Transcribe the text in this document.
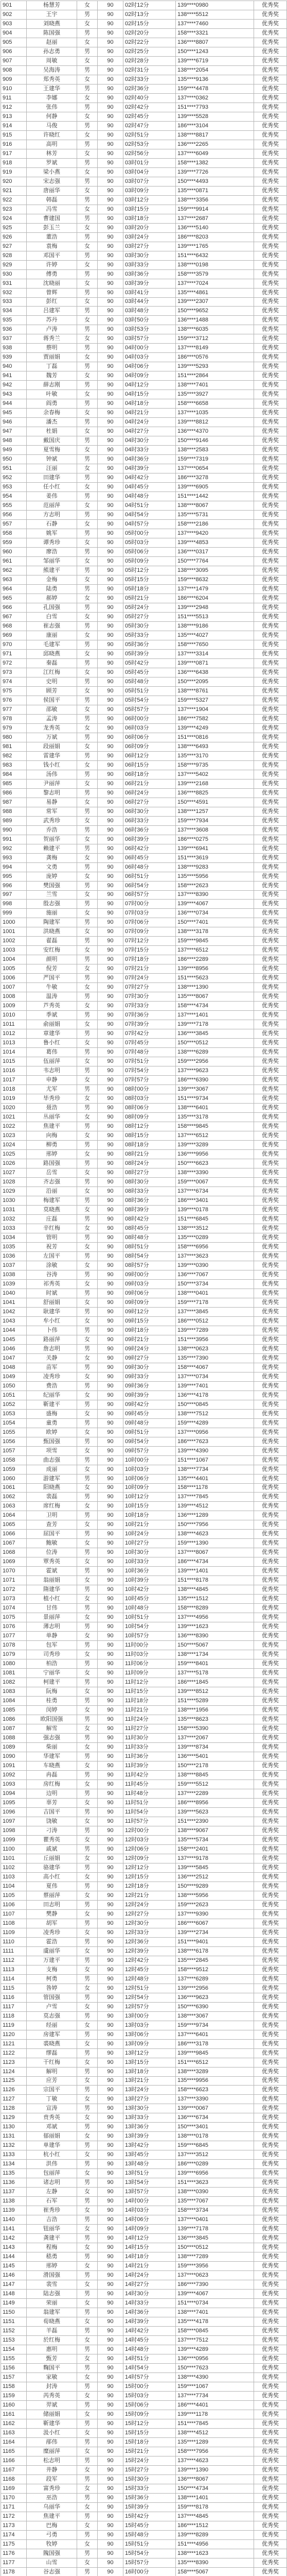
901	杨慧芳	女	90	02时12分	139****0980	优秀奖
902	王宇	男	90	02时13分	138****5512	优秀奖
903	刘晓燕	女	90	02时15分	137****7460	优秀奖
904	陈国强	男	90	02时20分	158****3321	优秀奖
905	赵丽	女	90	02时22分	136****8807	优秀奖
906	孙志勇	男	90	02时25分	150****1243	优秀奖
907	周敏	女	90	02时28分	139****6719	优秀奖
908	吴海涛	男	90	02时31分	138****2054	优秀奖
909	郑秀英	女	90	02时33分	135****9136	优秀奖
910	王建华	男	90	02时36分	159****4478	优秀奖
911	李娜	女	90	02时40分	137****0362	优秀奖
912	张伟	男	90	02时42分	151****7793	优秀奖
913	何静	女	90	02时45分	139****5528	优秀奖
914	马俊	男	90	02时47分	186****3104	优秀奖
915	许晓红	女	90	02时51分	138****8817	优秀奖
916	高明	男	90	02时53分	136****2265	优秀奖
917	林芳	女	90	02时56分	137****6049	优秀奖
918	罗斌	男	90	03时01分	158****1382	优秀奖
919	梁小燕	女	90	03时04分	139****7726	优秀奖
920	宋志强	男	90	03时07分	150****4493	优秀奖
921	唐丽华	女	90	03时09分	135****0871	优秀奖
922	韩磊	男	90	03时12分	138****3356	优秀奖
923	冯雪	女	90	03时15分	159****9914	优秀奖
924	曹建国	男	90	03时18分	137****2687	优秀奖
925	彭玉兰	女	90	03时20分	136****5140	优秀奖
926	董浩	男	90	03时24分	186****8203	优秀奖
927	袁梅	女	90	03时27分	139****1765	优秀奖
928	邓国平	男	90	03时30分	151****6432	优秀奖
929	许婷	女	90	03时33分	138****0198	优秀奖
930	傅勇	男	90	03时36分	158****3579	优秀奖
931	沈晓丽	女	90	03时39分	137****7024	优秀奖
932	曾辉	男	90	03时41分	135****4861	优秀奖
933	彭红	女	90	03时44分	139****2307	优秀奖
934	吕建军	男	90	03时48分	150****9652	优秀奖
935	苏丹	女	90	03时50分	136****1488	优秀奖
936	卢涛	男	90	03时53分	138****6035	优秀奖
937	蒋秀兰	女	90	03时57分	159****3712	优秀奖
938	蔡明	男	90	04时00分	137****8149	优秀奖
939	贾丽娟	女	90	04时03分	186****0576	优秀奖
940	丁磊	男	90	04时06分	139****5293	优秀奖
941	魏芳	女	90	04时09分	151****2864	优秀奖
942	薛志刚	男	90	04时12分	138****7401	优秀奖
943	叶敏	女	90	04时15分	135****3927	优秀奖
944	阎勇	男	90	04时18分	158****6658	优秀奖
945	余春梅	女	90	04时21分	137****1035	优秀奖
946	潘杰	男	90	04时24分	139****8812	优秀奖
947	杜娟	女	90	04时27分	136****4370	优秀奖
948	戴国庆	男	90	04时30分	150****9146	优秀奖
949	夏雪梅	女	90	04时33分	138****2583	优秀奖
950	钟斌	男	90	04时36分	159****7319	优秀奖
951	汪丽	女	90	04时39分	137****0654	优秀奖
952	田建华	男	90	04时42分	186****3278	优秀奖
953	任小红	女	90	04时45分	139****6905	优秀奖
954	姜伟	男	90	04时48分	151****1442	优秀奖
955	范丽萍	女	90	04时51分	138****8067	优秀奖
956	方志明	男	90	04时54分	135****5731	优秀奖
957	石静	女	90	04时57分	158****2186	优秀奖
958	姚军	男	90	05时00分	137****9420	优秀奖
959	谭秀珍	女	90	05时03分	139****4853	优秀奖
960	廖浩	男	90	05时06分	136****0317	优秀奖
961	邹丽华	女	90	05时09分	150****7764	优秀奖
962	熊建平	男	90	05时12分	138****3095	优秀奖
963	金梅	女	90	05时15分	159****8632	优秀奖
964	陆勇	男	90	05时18分	137****1479	优秀奖
965	郝婷	女	90	05时21分	186****6204	优秀奖
966	孔国强	男	90	05时24分	139****2948	优秀奖
967	白雪	女	90	05时27分	151****5513	优秀奖
968	崔志强	男	90	05时30分	138****9186	优秀奖
969	康丽	女	90	05时33分	135****4027	优秀奖
970	毛建军	男	90	05时36分	158****7650	优秀奖
971	邱晓燕	女	90	05时39分	137****3314	优秀奖
972	秦磊	男	90	05时42分	139****0871	优秀奖
973	江红梅	女	90	05时45分	136****6438	优秀奖
974	史明	男	90	05时48分	150****2095	优秀奖
975	顾芳	女	90	05时51分	138****8761	优秀奖
976	侯国平	男	90	05时54分	159****5327	优秀奖
977	邵敏	女	90	05时57分	137****1904	优秀奖
978	孟涛	男	90	06时00分	186****7582	优秀奖
979	龙秀英	女	90	06时03分	139****4249	优秀奖
980	万斌	男	90	06时06分	151****0816	优秀奖
981	段丽娟	女	90	06时09分	138****6493	优秀奖
982	雷建华	男	90	06时12分	135****3170	优秀奖
983	钱小红	女	90	06时15分	158****9735	优秀奖
984	汤伟	男	90	06时18分	137****5402	优秀奖
985	尹丽萍	女	90	06时21分	139****2168	优秀奖
986	黎志明	男	90	06时24分	136****8825	优秀奖
987	易静	女	90	06时27分	150****4591	优秀奖
988	常军	男	90	06时30分	138****1257	优秀奖
989	武秀珍	女	90	06时33分	159****7934	优秀奖
990	乔浩	男	90	06时36分	137****3608	优秀奖
991	贺丽华	女	90	06时39分	186****0275	优秀奖
992	赖建平	男	90	06时42分	139****6941	优秀奖
993	龚梅	女	90	06时45分	151****3619	优秀奖
994	文勇	男	90	06时48分	138****9283	优秀奖
995	庞婷	女	90	06时51分	135****5956	优秀奖
996	樊国强	男	90	06时54分	158****2623	优秀奖
997	兰雪	女	90	06时57分	137****8390	优秀奖
998	殷志强	男	90	07时00分	139****4067	优秀奖
999	施丽	女	90	07时03分	136****0734	优秀奖
1000	陶建军	男	90	07时06分	150****7401	优秀奖
1001	洪晓燕	女	90	07时09分	138****3178	优秀奖
1002	翟磊	男	90	07时12分	159****9845	优秀奖
1003	安红梅	女	90	07时15分	137****6512	优秀奖
1004	颜明	男	90	07时18分	186****2289	优秀奖
1005	倪芳	女	90	07时21分	139****8956	优秀奖
1006	严国平	男	90	07时24分	151****5623	优秀奖
1007	牛敏	女	90	07时27分	138****1390	优秀奖
1008	温涛	男	90	07时30分	135****8067	优秀奖
1009	芦秀英	女	90	07时33分	158****4734	优秀奖
1010	季斌	男	90	07时36分	137****1401	优秀奖
1011	俞丽娟	女	90	07时39分	139****7178	优秀奖
1012	章建华	男	90	07时42分	136****3845	优秀奖
1013	鲁小红	女	90	07时45分	150****0512	优秀奖
1014	葛伟	男	90	07时48分	138****6289	优秀奖
1015	伍丽萍	女	90	07时51分	159****2956	优秀奖
1016	韦志明	男	90	07时54分	137****9623	优秀奖
1017	申静	女	90	07时57分	186****6390	优秀奖
1018	尤军	男	90	08时00分	139****3067	优秀奖
1019	毕秀珍	女	90	08时03分	151****9734	优秀奖
1020	聂浩	男	90	08时06分	138****6401	优秀奖
1021	丛丽华	女	90	08时09分	135****3178	优秀奖
1022	焦建平	男	90	08时12分	158****9845	优秀奖
1023	向梅	女	90	08时15分	137****6512	优秀奖
1024	柳勇	男	90	08时18分	139****3289	优秀奖
1025	邢婷	女	90	08时21分	136****9956	优秀奖
1026	路国强	男	90	08时24分	150****6623	优秀奖
1027	岳雪	女	90	08时27分	138****3390	优秀奖
1028	齐志强	男	90	08时30分	159****0067	优秀奖
1029	沿丽	女	90	08时33分	137****6734	优秀奖
1030	梅建军	男	90	08时36分	186****3401	优秀奖
1031	莫晓燕	女	90	08时39分	139****0178	优秀奖
1032	庄磊	男	90	08时42分	151****6845	优秀奖
1033	辛红梅	女	90	08时45分	138****3512	优秀奖
1034	管明	男	90	08时48分	135****0289	优秀奖
1035	祝芳	女	90	08时51分	158****6956	优秀奖
1036	左国平	男	90	08时54分	137****3623	优秀奖
1037	涂敏	女	90	08时57分	139****0390	优秀奖
1038	谷涛	男	90	09时00分	136****7067	优秀奖
1039	祁秀英	女	90	09时03分	150****3734	优秀奖
1040	时斌	男	90	09时06分	138****0401	优秀奖
1041	舒丽娟	女	90	09时09分	159****7178	优秀奖
1042	耿建华	男	90	09时12分	137****3845	优秀奖
1043	牟小红	女	90	09时15分	186****0512	优秀奖
1044	卜伟	男	90	09时18分	139****7289	优秀奖
1045	路丽萍	女	90	09时21分	151****3956	优秀奖
1046	詹志明	男	90	09时24分	138****0623	优秀奖
1047	关静	女	90	09时27分	135****7390	优秀奖
1048	苗军	男	90	09时30分	158****4067	优秀奖
1049	凌秀珍	女	90	09时33分	137****0734	优秀奖
1050	费浩	男	90	09时36分	139****7401	优秀奖
1051	纪丽华	女	90	09时39分	136****4178	优秀奖
1052	靳建平	男	90	09时42分	150****0845	优秀奖
1053	盛梅	女	90	09时45分	138****7512	优秀奖
1054	童勇	男	90	09时48分	159****4289	优秀奖
1055	欧婷	女	90	09时51分	137****0956	优秀奖
1056	甄国强	男	90	09时54分	186****7623	优秀奖
1057	项雪	女	90	09时57分	139****4390	优秀奖
1058	曲志强	男	90	10时00分	151****1067	优秀奖
1059	成丽	女	90	10时03分	138****7734	优秀奖
1060	游建军	男	90	10时06分	135****4401	优秀奖
1061	阳晓燕	女	90	10时09分	158****1178	优秀奖
1062	裴磊	男	90	10时12分	137****7845	优秀奖
1063	席红梅	女	90	10时15分	139****4512	优秀奖
1064	卫明	男	90	10时18分	136****1289	优秀奖
1065	查芳	女	90	10时21分	150****7956	优秀奖
1066	屈国平	男	90	10时24分	138****4623	优秀奖
1067	鲍敏	女	90	10时27分	159****1390	优秀奖
1068	位涛	男	90	10时30分	137****8067	优秀奖
1069	覃秀英	女	90	10时33分	186****4734	优秀奖
1070	霍斌	男	90	10时36分	139****1401	优秀奖
1071	翁丽娟	女	90	10时39分	151****8178	优秀奖
1072	隋建华	男	90	10时42分	138****4845	优秀奖
1073	植小红	女	90	10时45分	135****1512	优秀奖
1074	甘伟	男	90	10时48分	158****8289	优秀奖
1075	景丽萍	女	90	10时51分	137****4956	优秀奖
1076	薄志明	男	90	10时54分	139****1623	优秀奖
1077	单静	女	90	10时57分	136****8390	优秀奖
1078	包军	男	90	11时00分	150****5067	优秀奖
1079	司秀珍	女	90	11时03分	138****1734	优秀奖
1080	柏浩	男	90	11时06分	159****8401	优秀奖
1081	宁丽华	女	90	11时09分	137****5178	优秀奖
1082	柯建平	男	90	11时12分	186****1845	优秀奖
1083	阮梅	女	90	11时15分	139****8512	优秀奖
1084	桂勇	男	90	11时18分	151****5289	优秀奖
1085	闵婷	女	90	11时21分	138****1956	优秀奖
1086	欧阳国强	男	90	11时24分	135****8623	优秀奖
1087	解雪	女	90	11时27分	158****5390	优秀奖
1088	强志强	男	90	11时30分	137****2067	优秀奖
1089	柴丽	女	90	11时33分	139****8734	优秀奖
1090	华建军	男	90	11时36分	136****5401	优秀奖
1091	车晓燕	女	90	11时39分	150****2178	优秀奖
1092	冉磊	男	90	11时42分	138****8845	优秀奖
1093	房红梅	女	90	11时45分	159****5512	优秀奖
1094	边明	男	90	11时48分	137****2289	优秀奖
1095	辜芳	女	90	11时51分	186****8956	优秀奖
1096	吉国平	男	90	11时54分	139****5623	优秀奖
1097	饶敏	女	90	11时57分	151****2390	优秀奖
1098	刁涛	男	90	12时00分	138****9067	优秀奖
1099	瞿秀英	女	90	12时03分	135****5734	优秀奖
1100	戚斌	男	90	12时06分	158****2401	优秀奖
1101	丘丽娟	女	90	12时09分	137****9178	优秀奖
1102	骆建华	男	90	12时12分	139****5845	优秀奖
1103	高小红	女	90	12时15分	136****2512	优秀奖
1104	夏伟	男	90	12时18分	150****9289	优秀奖
1105	蔡丽萍	女	90	12时21分	138****5956	优秀奖
1106	田志明	男	90	12时24分	159****2623	优秀奖
1107	樊静	女	90	12时27分	137****9390	优秀奖
1108	胡军	男	90	12时30分	186****6067	优秀奖
1109	凌秀珍	女	90	12时33分	139****2734	优秀奖
1110	霍浩	男	90	12时36分	151****9401	优秀奖
1111	虞丽华	女	90	12时39分	138****6178	优秀奖
1112	万建平	男	90	12时42分	135****2845	优秀奖
1113	支梅	女	90	12时45分	158****9512	优秀奖
1114	柯勇	男	90	12时48分	137****6289	优秀奖
1115	咎婷	女	90	12时51分	139****2956	优秀奖
1116	管国强	男	90	12时54分	136****9623	优秀奖
1117	卢雪	女	90	12时57分	150****6390	优秀奖
1118	莫志强	男	90	13时00分	138****3067	优秀奖
1119	经丽	女	90	13时03分	159****9734	优秀奖
1120	房建军	男	90	13时06分	137****6401	优秀奖
1121	裘晓燕	女	90	13时09分	186****3178	优秀奖
1122	缪磊	男	90	13时12分	139****9845	优秀奖
1123	干红梅	女	90	13时15分	151****6512	优秀奖
1124	解明	男	90	13时18分	138****3289	优秀奖
1125	应芳	女	90	13时21分	135****9956	优秀奖
1126	宗国平	男	90	13时24分	158****6623	优秀奖
1127	丁敏	女	90	13时27分	137****3390	优秀奖
1128	宣涛	男	90	13时30分	139****0067	优秀奖
1129	贲秀英	女	90	13时33分	136****6734	优秀奖
1130	邓斌	男	90	13时36分	150****3401	优秀奖
1131	郁丽娟	女	90	13时39分	138****0178	优秀奖
1132	单建华	男	90	13时42分	159****6845	优秀奖
1133	杭小红	女	90	13时45分	137****3512	优秀奖
1134	洪伟	男	90	13时48分	186****0289	优秀奖
1135	包丽萍	女	90	13时51分	139****6956	优秀奖
1136	诸志明	男	90	13时54分	151****3623	优秀奖
1137	左静	女	90	13时57分	138****0390	优秀奖
1138	石军	男	90	14时00分	135****7067	优秀奖
1139	崔秀珍	女	90	14时03分	158****3734	优秀奖
1140	吉浩	男	90	14时06分	137****0401	优秀奖
1141	钮丽华	女	90	14时09分	139****7178	优秀奖
1142	龚建平	男	90	14时12分	136****3845	优秀奖
1143	程梅	女	90	14时15分	150****0512	优秀奖
1144	嵇勇	男	90	14时18分	138****7289	优秀奖
1145	邢婷	女	90	14时21分	159****3956	优秀奖
1146	滑国强	男	90	14时24分	137****0623	优秀奖
1147	裴雪	女	90	14时27分	186****7390	优秀奖
1148	陆志强	男	90	14时30分	139****4067	优秀奖
1149	荣丽	女	90	14时33分	151****0734	优秀奖
1150	翁建军	男	90	14时36分	138****7401	优秀奖
1151	荀晓燕	女	90	14时39分	135****4178	优秀奖
1152	羊磊	男	90	14时42分	158****0845	优秀奖
1153	於红梅	女	90	14时45分	137****7512	优秀奖
1154	惠明	男	90	14时48分	139****4289	优秀奖
1155	甄芳	女	90	14时51分	136****0956	优秀奖
1156	麴国平	男	90	14时54分	150****7623	优秀奖
1157	家敏	女	90	14时57分	138****4390	优秀奖
1158	封涛	男	90	15时00分	159****1067	优秀奖
1159	芮秀英	女	90	15时03分	137****7734	优秀奖
1160	羿斌	男	90	15时06分	186****4401	优秀奖
1161	储丽娟	女	90	15时09分	139****1178	优秀奖
1162	靳建华	男	90	15时12分	151****7845	优秀奖
1163	汲小红	女	90	15时15分	138****4512	优秀奖
1164	邴伟	男	90	15时18分	135****1289	优秀奖
1165	糜丽萍	女	90	15时21分	158****7956	优秀奖
1166	松志明	男	90	15时24分	137****4623	优秀奖
1167	井静	女	90	15时27分	139****1390	优秀奖
1168	段军	男	90	15时30分	136****8067	优秀奖
1169	富秀珍	女	90	15时33分	150****4734	优秀奖
1170	巫浩	男	90	15时36分	138****1401	优秀奖
1171	乌丽华	女	90	15时39分	159****8178	优秀奖
1172	焦建平	男	90	15时42分	137****4845	优秀奖
1173	巴梅	女	90	15时45分	186****1512	优秀奖
1174	弓勇	男	90	15时48分	139****8289	优秀奖
1175	牧婷	女	90	15时51分	151****4956	优秀奖
1176	隗国强	男	90	15时54分	138****1623	优秀奖
1177	山雪	女	90	15时57分	135****8390	优秀奖
1178	谷志强	男	90	16时00分	158****5067	优秀奖
